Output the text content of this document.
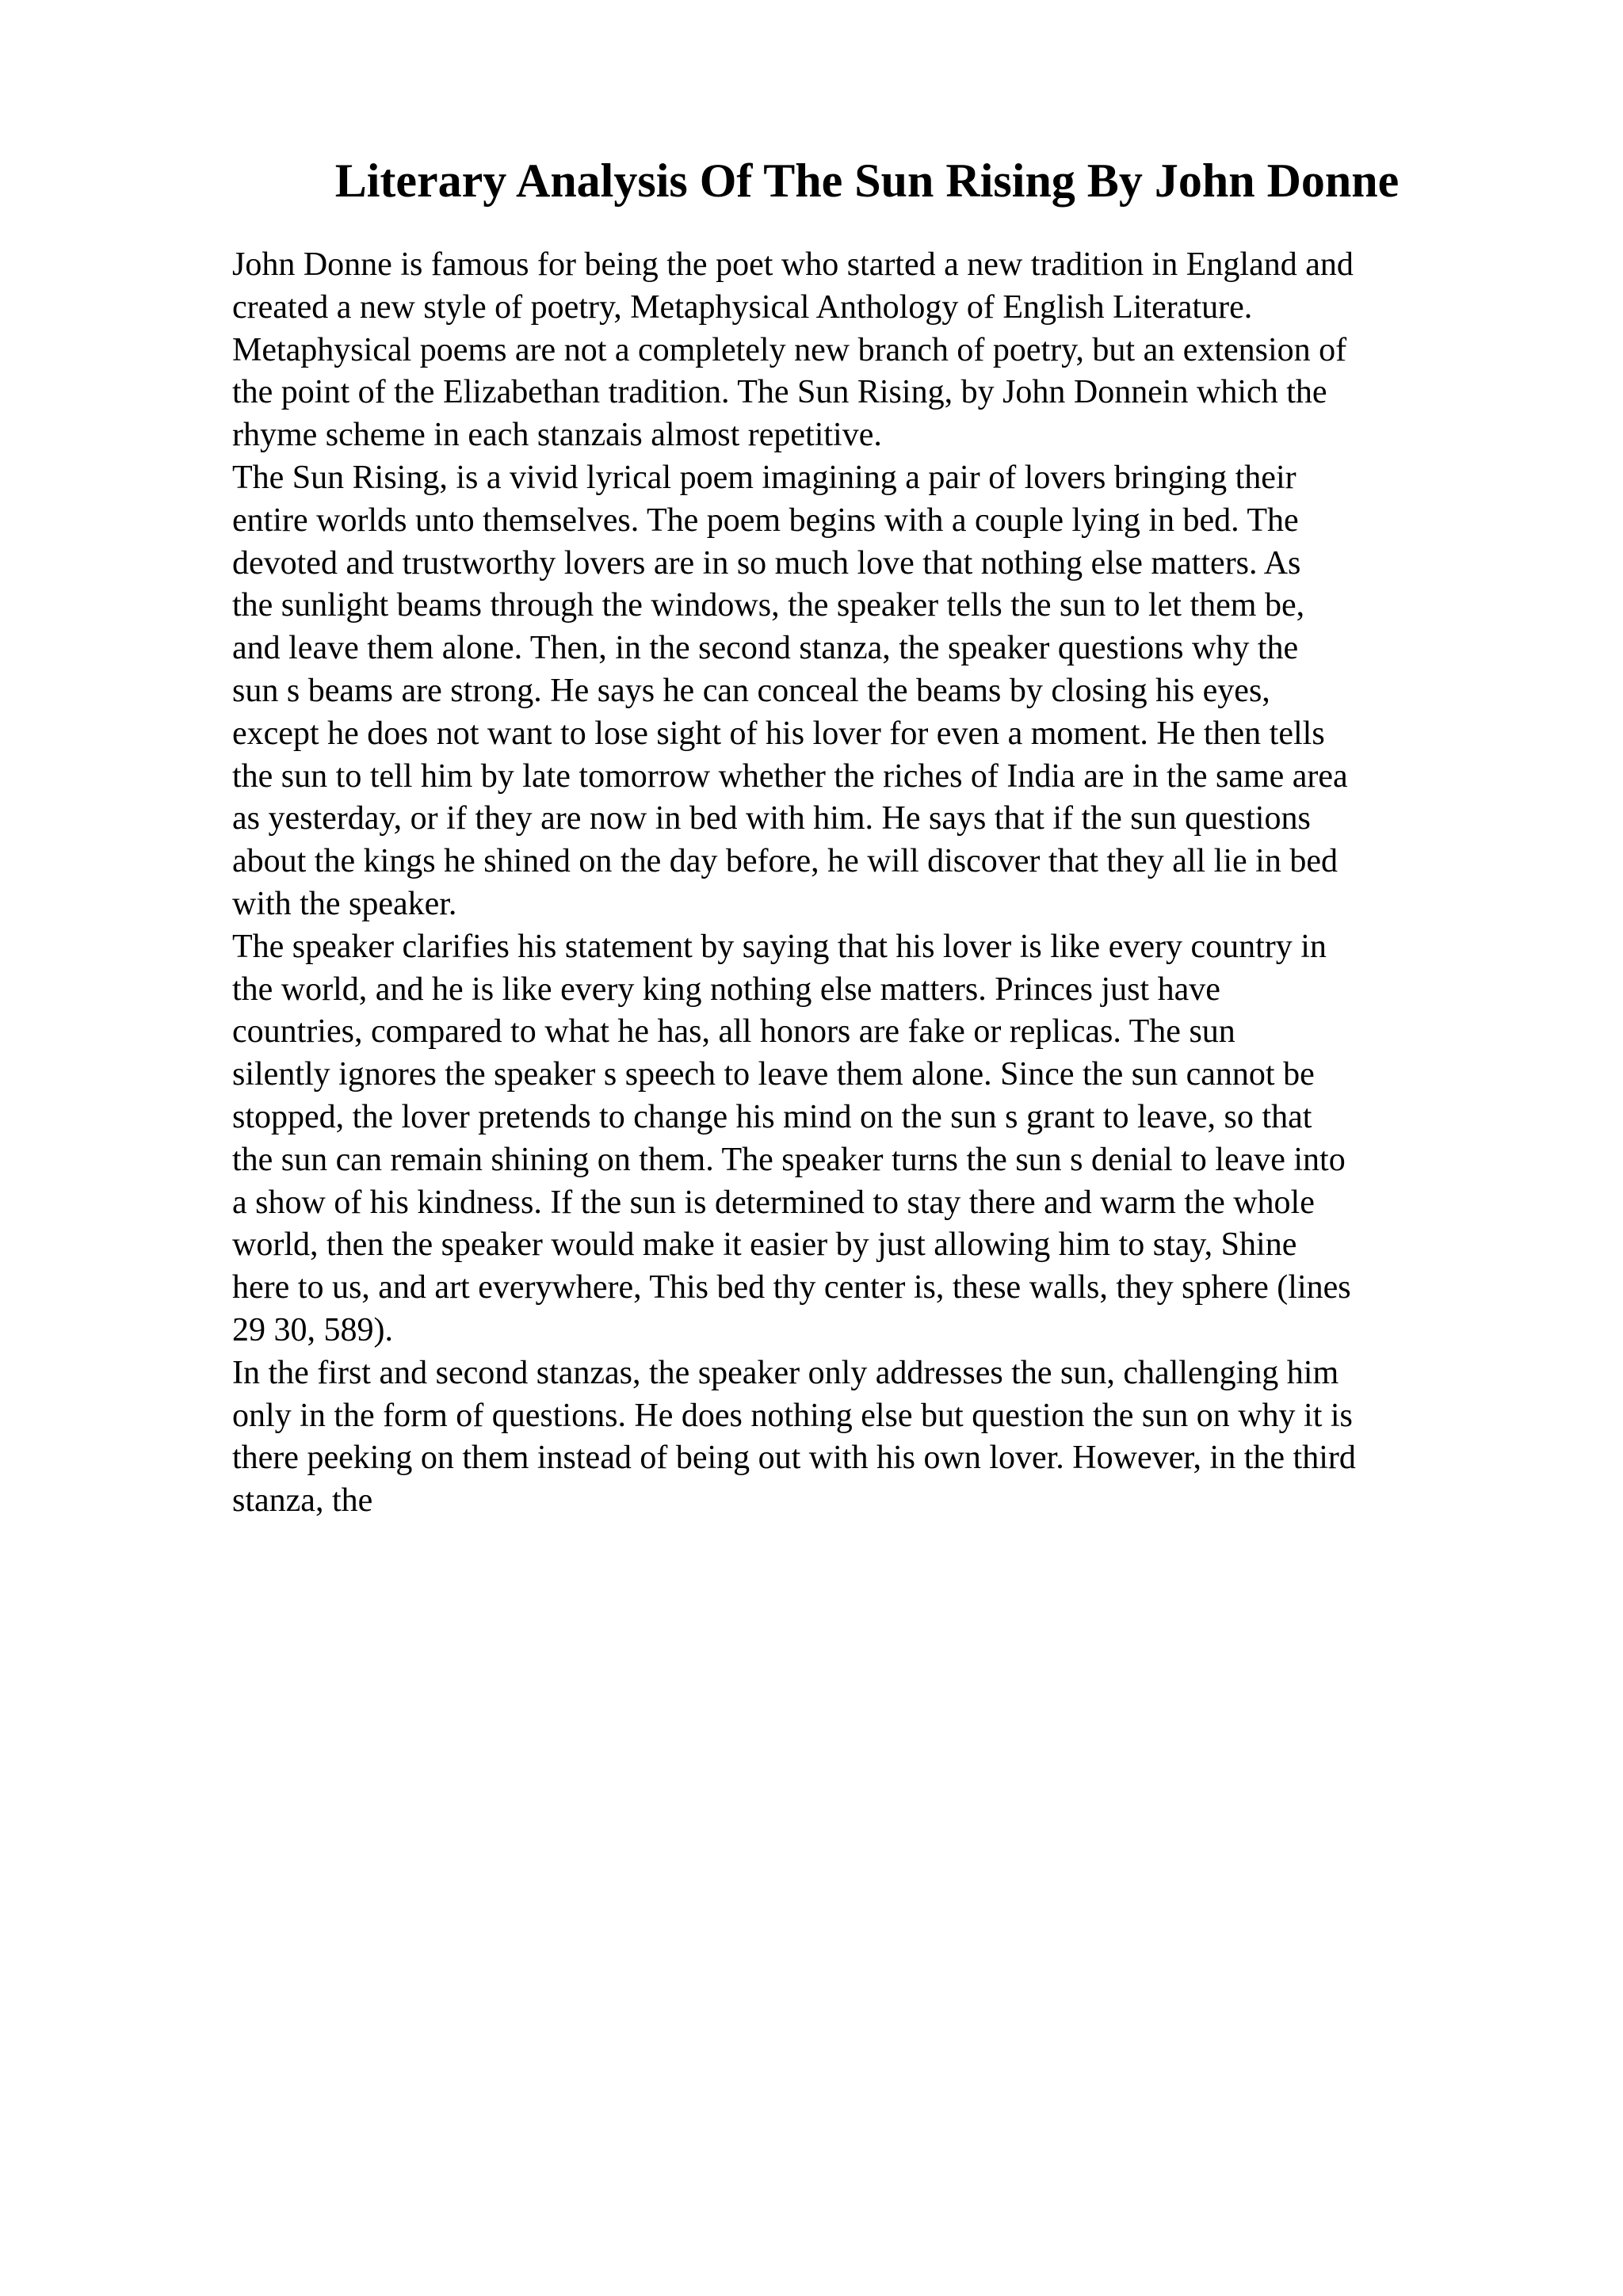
Literary Analysis Of The Sun Rising By John Donne
John Donne is famous for being the poet who started a new tradition in England and
created a new style of poetry, Metaphysical Anthology of English Literature.
Metaphysical poems are not a completely new branch of poetry, but an extension of
the point of the Elizabethan tradition. The Sun Rising, by John Donnein which the
rhyme scheme in each stanzais almost repetitive.
The Sun Rising, is a vivid lyrical poem imagining a pair of lovers bringing their
entire worlds unto themselves. The poem begins with a couple lying in bed. The
devoted and trustworthy lovers are in so much love that nothing else matters. As
the sunlight beams through the windows, the speaker tells the sun to let them be,
and leave them alone. Then, in the second stanza, the speaker questions why the
sun s beams are strong. He says he can conceal the beams by closing his eyes,
except he does not want to lose sight of his lover for even a moment. He then tells
the sun to tell him by late tomorrow whether the riches of India are in the same area
as yesterday, or if they are now in bed with him. He says that if the sun questions
about the kings he shined on the day before, he will discover that they all lie in bed
with the speaker.
The speaker clarifies his statement by saying that his lover is like every country in
the world, and he is like every king nothing else matters. Princes just have
countries, compared to what he has, all honors are fake or replicas. The sun
silently ignores the speaker s speech to leave them alone. Since the sun cannot be
stopped, the lover pretends to change his mind on the sun s grant to leave, so that
the sun can remain shining on them. The speaker turns the sun s denial to leave into
a show of his kindness. If the sun is determined to stay there and warm the whole
world, then the speaker would make it easier by just allowing him to stay, Shine
here to us, and art everywhere, This bed thy center is, these walls, they sphere (lines
29 30, 589).
In the first and second stanzas, the speaker only addresses the sun, challenging him
only in the form of questions. He does nothing else but question the sun on why it is
there peeking on them instead of being out with his own lover. However, in the third
stanza, the
